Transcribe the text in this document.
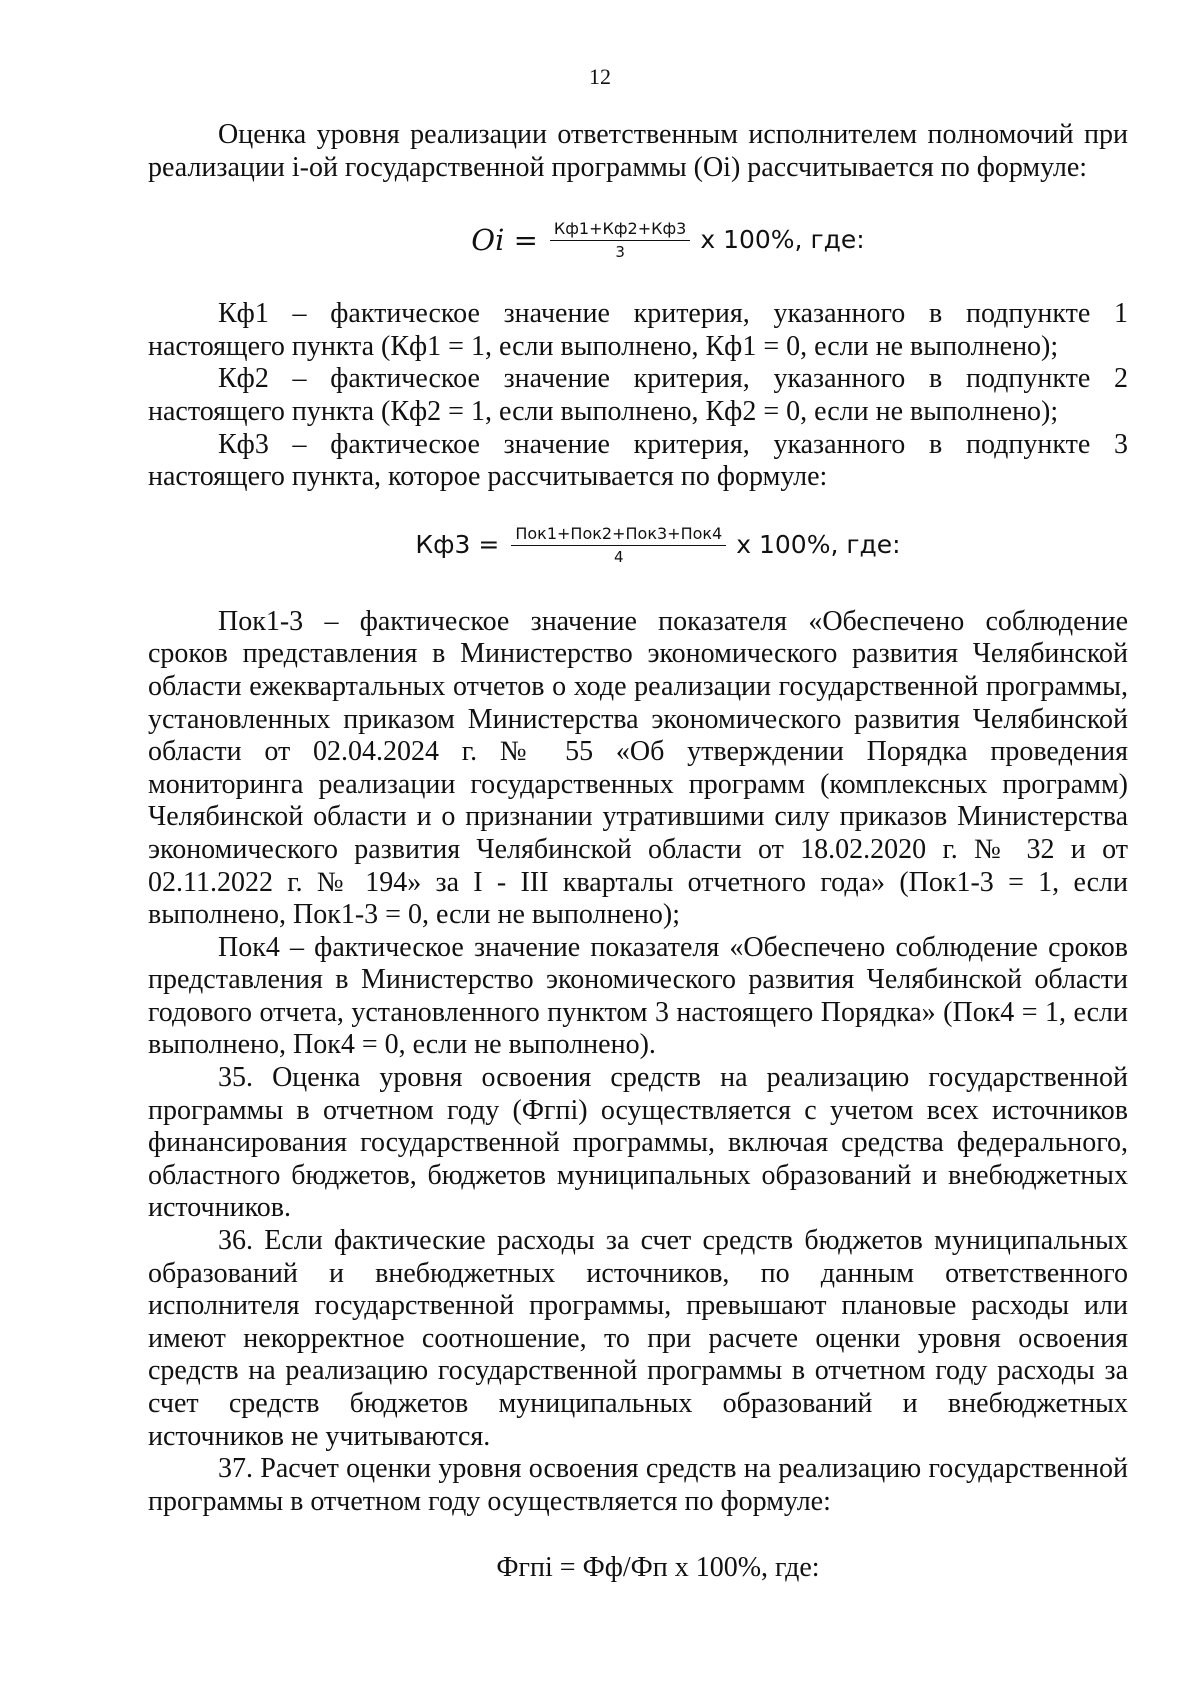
12

Оценка уровня реализации ответственным исполнителем полномочий при реализации i-ой государственной программы (Oi) рассчитывается по формуле:

$Oi = \frac{Кф1+Кф2+Кф3}{3}$ х 100%, где:

Кф1 – фактическое значение критерия, указанного в подпункте 1 настоящего пункта (Кф1 = 1, если выполнено, Кф1 = 0, если не выполнено);

Кф2 – фактическое значение критерия, указанного в подпункте 2 настоящего пункта (Кф2 = 1, если выполнено, Кф2 = 0, если не выполнено);

Кф3 – фактическое значение критерия, указанного в подпункте 3 настоящего пункта, которое рассчитывается по формуле:

$Кф3 = \frac{\text{Пок1+Пок2+Пок3+Пок4}}{4}$ х 100%, где:

Пок1-3 – фактическое значение показателя «Обеспечено соблюдение сроков представления в Министерство экономического развития Челябинской области ежеквартальных отчетов о ходе реализации государственной программы, установленных приказом Министерства экономического развития Челябинской области от 02.04.2024 г. № 55 «Об утверждении Порядка проведения мониторинга реализации государственных программ (комплексных программ) Челябинской области и о признании утратившими силу приказов Министерства экономического развития Челябинской области от 18.02.2020 г. № 32 и от 02.11.2022 г. № 194» за I - III кварталы отчетного года» (Пок1-3 = 1, если выполнено, Пок1-3 = 0, если не выполнено);

Пок4 – фактическое значение показателя «Обеспечено соблюдение сроков представления в Министерство экономического развития Челябинской области годового отчета, установленного пунктом 3 настоящего Порядка» (Пок4 = 1, если выполнено, Пок4 = 0, если не выполнено).

35. Оценка уровня освоения средств на реализацию государственной программы в отчетном году (Фгпi) осуществляется с учетом всех источников финансирования государственной программы, включая средства федерального, областного бюджетов, бюджетов муниципальных образований и внебюджетных источников.

36. Если фактические расходы за счет средств бюджетов муниципальных образований и внебюджетных источников, по данным ответственного исполнителя государственной программы, превышают плановые расходы или имеют некорректное соотношение, то при расчете оценки уровня освоения средств на реализацию государственной программы в отчетном году расходы за счет средств бюджетов муниципальных образований и внебюджетных источников не учитываются.

37. Расчет оценки уровня освоения средств на реализацию государственной программы в отчетном году осуществляется по формуле:

Фгпi = Фф/Фп х 100%, где:
